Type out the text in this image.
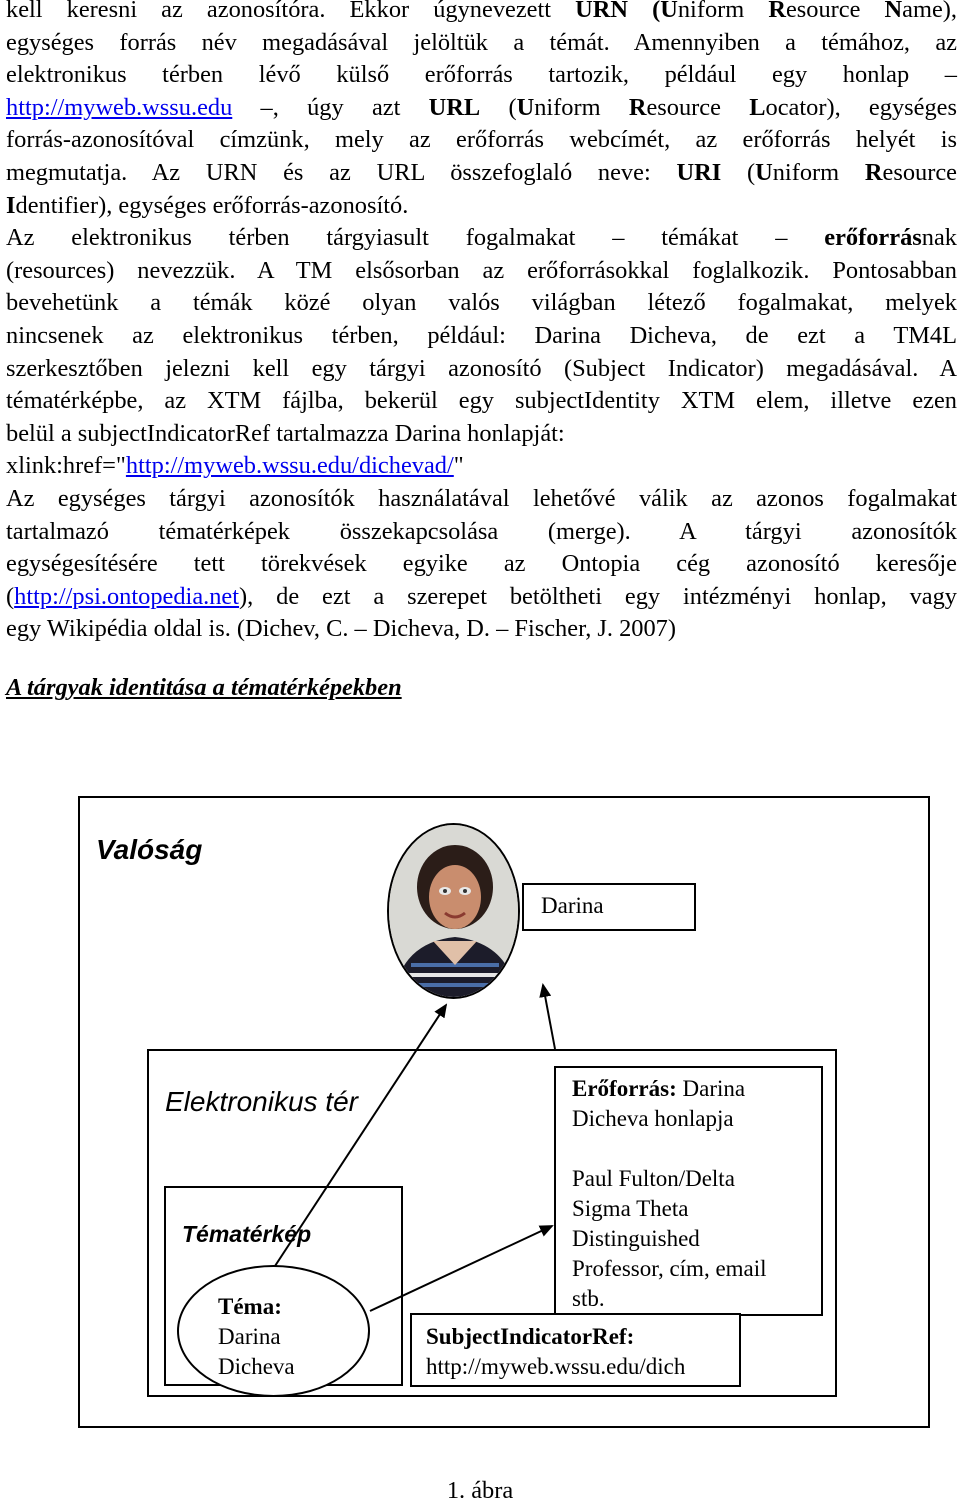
kell keresni az azonosítóra. Ekkor úgynevezett URN (Uniform Resource Name),
egységes forrás név megadásával jelöltük a témát. Amennyiben a témához, az
elektronikus térben lévő külső erőforrás tartozik, például egy honlap –
http://myweb.wssu.edu –, úgy azt URL (Uniform Resource Locator), egységes
forrás-azonosítóval címzünk, mely az erőforrás webcímét, az erőforrás helyét is
megmutatja. Az URN és az URL összefoglaló neve: URI (Uniform Resource
Identifier), egységes erőforrás-azonosító.
Az elektronikus térben tárgyiasult fogalmakat – témákat – erőforrásnak
(resources) nevezzük. A TM elsősorban az erőforrásokkal foglalkozik. Pontosabban
bevehetünk a témák közé olyan valós világban létező fogalmakat, melyek
nincsenek az elektronikus térben, például: Darina Dicheva, de ezt a TM4L
szerkesztőben jelezni kell egy tárgyi azonosító (Subject Indicator) megadásával. A
tématérképbe, az XTM fájlba, bekerül egy subjectIdentity XTM elem, illetve ezen
belül a subjectIndicatorRef tartalmazza Darina honlapját:
xlink:href="http://myweb.wssu.edu/dichevad/"
Az egységes tárgyi azonosítók használatával lehetővé válik az azonos fogalmakat
tartalmazó tématérképek összekapcsolása (merge). A tárgyi azonosítók
egységesítésére tett törekvések egyike az Ontopia cég azonosító keresője
(http://psi.ontopedia.net), de ezt a szerepet betöltheti egy intézményi honlap, vagy
egy Wikipédia oldal is. (Dichev, C. – Dicheva, D. – Fischer, J. 2007)
A tárgyak identitása a tématérképekben
Valóság
Darina
Elektronikus tér	Erőforrás: Darina
Dicheva honlapja
Paul Fulton/Delta
Sigma Theta
Distinguished
Professor, cím, email
stb.
Tématérkép
Téma:
Darina
Dicheva
SubjectIndicatorRef:
http://myweb.wssu.edu/dich
1. ábra
